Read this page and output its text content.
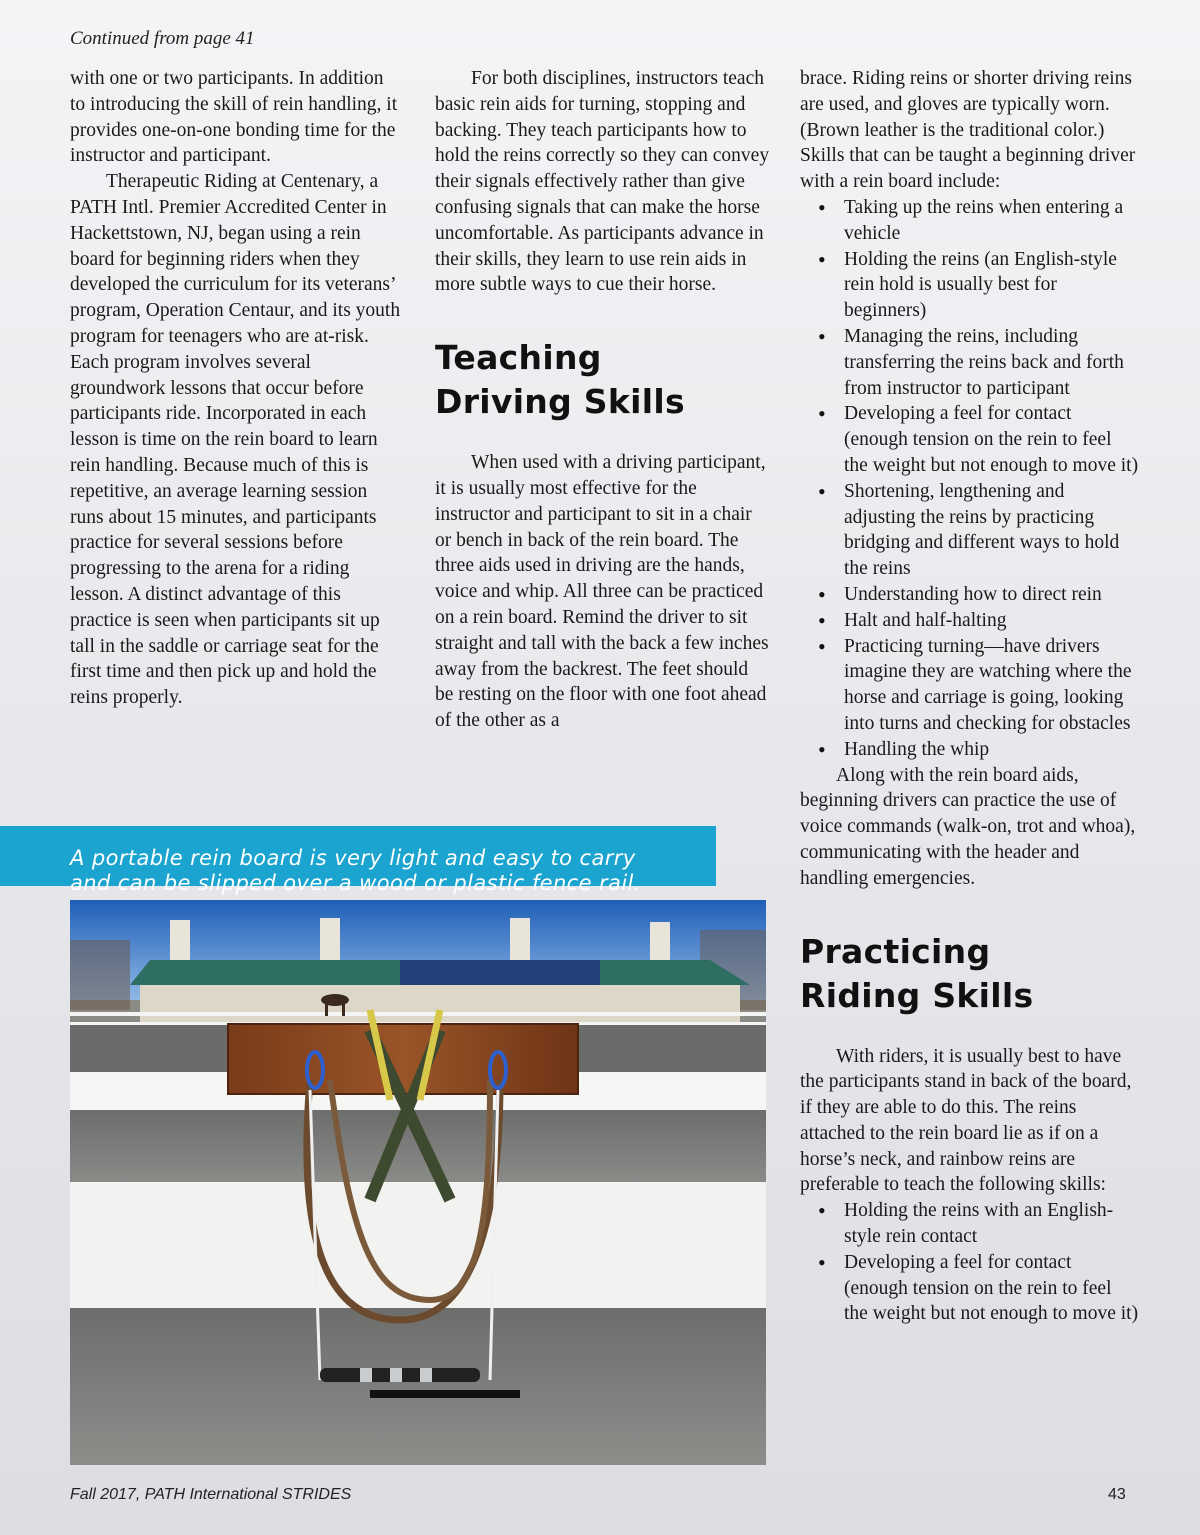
Continued from page 41

with one or two participants. In addition to introducing the skill of rein handling, it provides one-on-one bonding time for the instructor and participant.

Therapeutic Riding at Centenary, a PATH Intl. Premier Accredited Center in Hackettstown, NJ, began using a rein board for beginning riders when they developed the curriculum for its veterans’ program, Operation Centaur, and its youth program for teenagers who are at-risk. Each program involves several groundwork lessons that occur before participants ride. Incorporated in each lesson is time on the rein board to learn rein handling. Because much of this is repetitive, an average learning session runs about 15 minutes, and participants practice for several sessions before progressing to the arena for a riding lesson. A distinct advantage of this practice is seen when participants sit up tall in the saddle or carriage seat for the first time and then pick up and hold the reins properly.

For both disciplines, instructors teach basic rein aids for turning, stopping and backing. They teach participants how to hold the reins correctly so they can convey their signals effectively rather than give confusing signals that can make the horse uncomfortable. As participants advance in their skills, they learn to use rein aids in more subtle ways to cue their horse.

Teaching
Driving Skills

When used with a driving participant, it is usually most effective for the instructor and participant to sit in a chair or bench in back of the rein board. The three aids used in driving are the hands, voice and whip. All three can be practiced on a rein board. Remind the driver to sit straight and tall with the back a few inches away from the backrest. The feet should be resting on the floor with one foot ahead of the other as a

brace. Riding reins or shorter driving reins are used, and gloves are typically worn. (Brown leather is the traditional color.) Skills that can be taught a beginning driver with a rein board include:

• Taking up the reins when entering a vehicle
• Holding the reins (an English-style rein hold is usually best for beginners)
• Managing the reins, including transferring the reins back and forth from instructor to participant
• Developing a feel for contact (enough tension on the rein to feel the weight but not enough to move it)
• Shortening, lengthening and adjusting the reins by practicing bridging and different ways to hold the reins
• Understanding how to direct rein
• Halt and half-halting
• Practicing turning—have drivers imagine they are watching where the horse and carriage is going, looking into turns and checking for obstacles
• Handling the whip

Along with the rein board aids, beginning drivers can practice the use of voice commands (walk-on, trot and whoa), communicating with the header and handling emergencies.

Practicing
Riding Skills

With riders, it is usually best to have the participants stand in back of the board, if they are able to do this. The reins attached to the rein board lie as if on a horse’s neck, and rainbow reins are preferable to teach the following skills:

• Holding the reins with an English-style rein contact
• Developing a feel for contact (enough tension on the rein to feel the weight but not enough to move it)
A portable rein board is very light and easy to carry
and can be slipped over a wood or plastic fence rail.
Fall 2017, PATH International STRIDES	43
